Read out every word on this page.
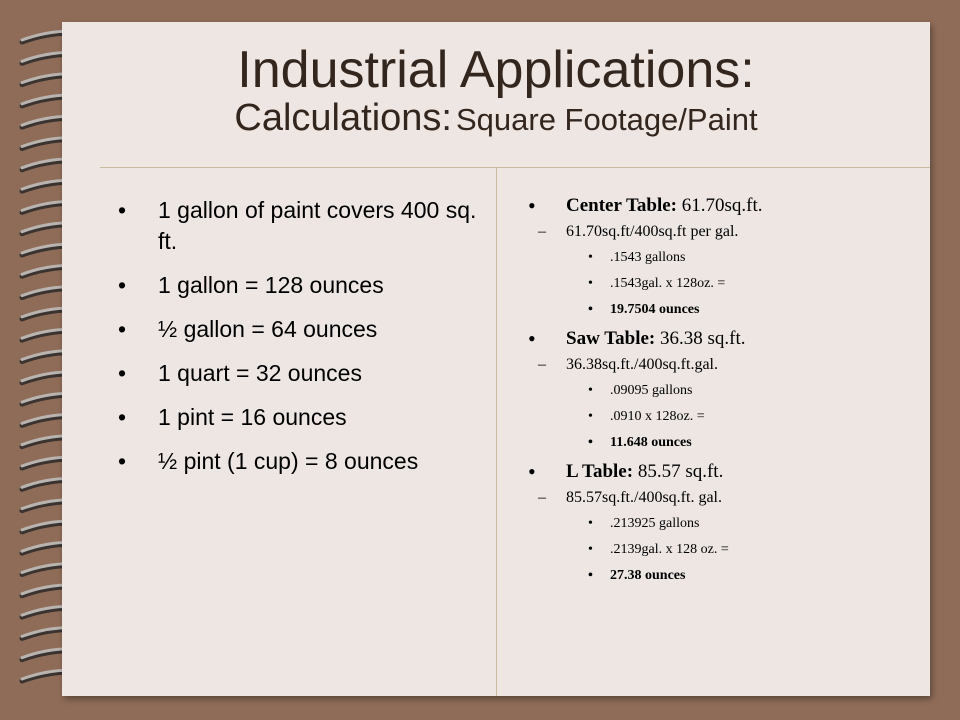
Industrial Applications:
Calculations: Square Footage/Paint
• 1 gallon of paint covers 400 sq. ft.
• 1 gallon = 128 ounces
• ½ gallon = 64 ounces
• 1 quart = 32 ounces
• 1 pint = 16 ounces
• ½ pint (1 cup) = 8 ounces
• Center Table: 61.70sq.ft.
– 61.70sq.ft/400sq.ft per gal.
• .1543 gallons
• .1543gal. x 128oz. =
• 19.7504 ounces
• Saw Table: 36.38 sq.ft.
– 36.38sq.ft./400sq.ft.gal.
• .09095 gallons
• .0910 x 128oz. =
• 11.648 ounces
• L Table: 85.57 sq.ft.
– 85.57sq.ft./400sq.ft. gal.
• .213925 gallons
• .2139gal. x 128 oz. =
• 27.38 ounces
